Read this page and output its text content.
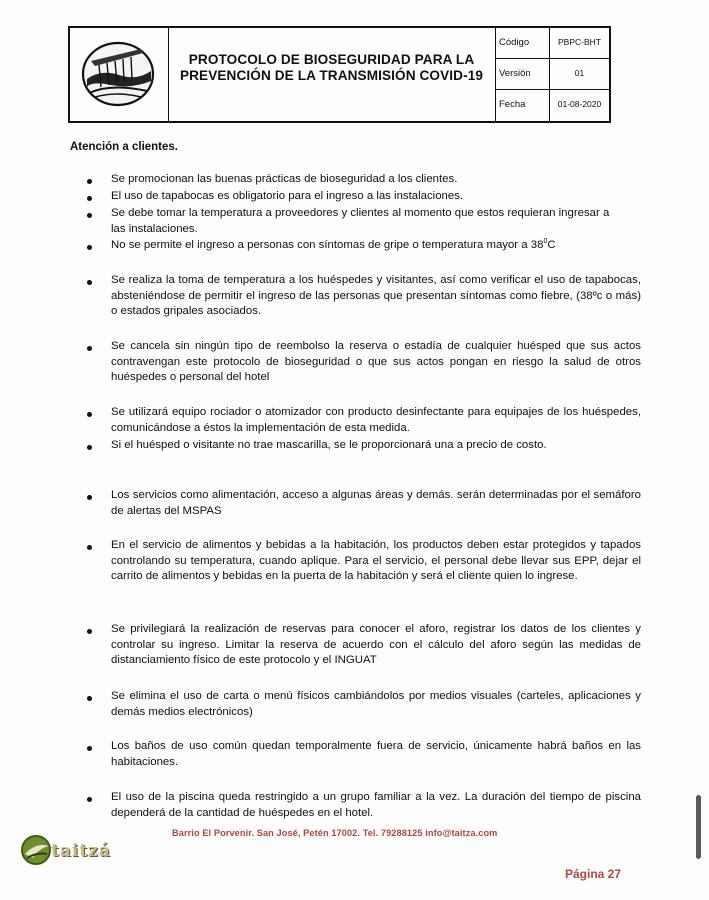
PROTOCOLO DE BIOSEGURIDAD PARA LA
PREVENCIÓN DE LA TRANSMISIÓN COVID-19
Código	PBPC-BHT
Versión	01
Fecha	01-08-2020
Atención a clientes.
Se promocionan las buenas prácticas de bioseguridad a los clientes.
El uso de tapabocas es obligatorio para el ingreso a las instalaciones.
Se debe tomar la temperatura a proveedores y clientes al momento que estos requieran ingresar a las instalaciones.
No se permite el ingreso a personas con síntomas de gripe o temperatura mayor a $38^0C$
Se realiza la toma de temperatura a los huéspedes y visitantes, así como verificar el uso de tapabocas, absteniéndose de permitir el ingreso de las personas que presentan síntomas como fiebre, (38ºc o más) o estados gripales asociados.
Se cancela sin ningún tipo de reembolso la reserva o estadía de cualquier huésped que sus actos contravengan este protocolo de bioseguridad o que sus actos pongan en riesgo la salud de otros huéspedes o personal del hotel
Se utilizará equipo rociador o atomizador con producto desinfectante para equipajes de los huéspedes, comunicándose a éstos la implementación de esta medida.
Si el huésped o visitante no trae mascarilla, se le proporcionará una a precio de costo.
Los servicios como alimentación, acceso a algunas áreas y demás. serán determinadas por el semáforo de alertas del MSPAS
En el servicio de alimentos y bebidas a la habitación, los productos deben estar protegidos y tapados controlando su temperatura, cuando aplique. Para el servicio, el personal debe llevar sus EPP, dejar el carrito de alimentos y bebidas en la puerta de la habitación y será el cliente quien lo ingrese.
Se privilegiará la realización de reservas para conocer el aforo, registrar los datos de los clientes y controlar su ingreso. Limitar la reserva de acuerdo con el cálculo del aforo según las medidas de distanciamiento físico de este protocolo y el INGUAT
Se elimina el uso de carta o menú físicos cambiándolos por medios visuales (carteles, aplicaciones y demás medios electrónicos)
Los baños de uso común quedan temporalmente fuera de servicio, únicamente habrá baños en las habitaciones.
El uso de la piscina queda restringido a un grupo familiar a la vez. La duración del tiempo de piscina dependerá de la cantidad de huéspedes en el hotel.
Barrio El Porvenir. San José, Petén 17002. Tel. 79288125 info@taitza.com
taitzá
Página 27
